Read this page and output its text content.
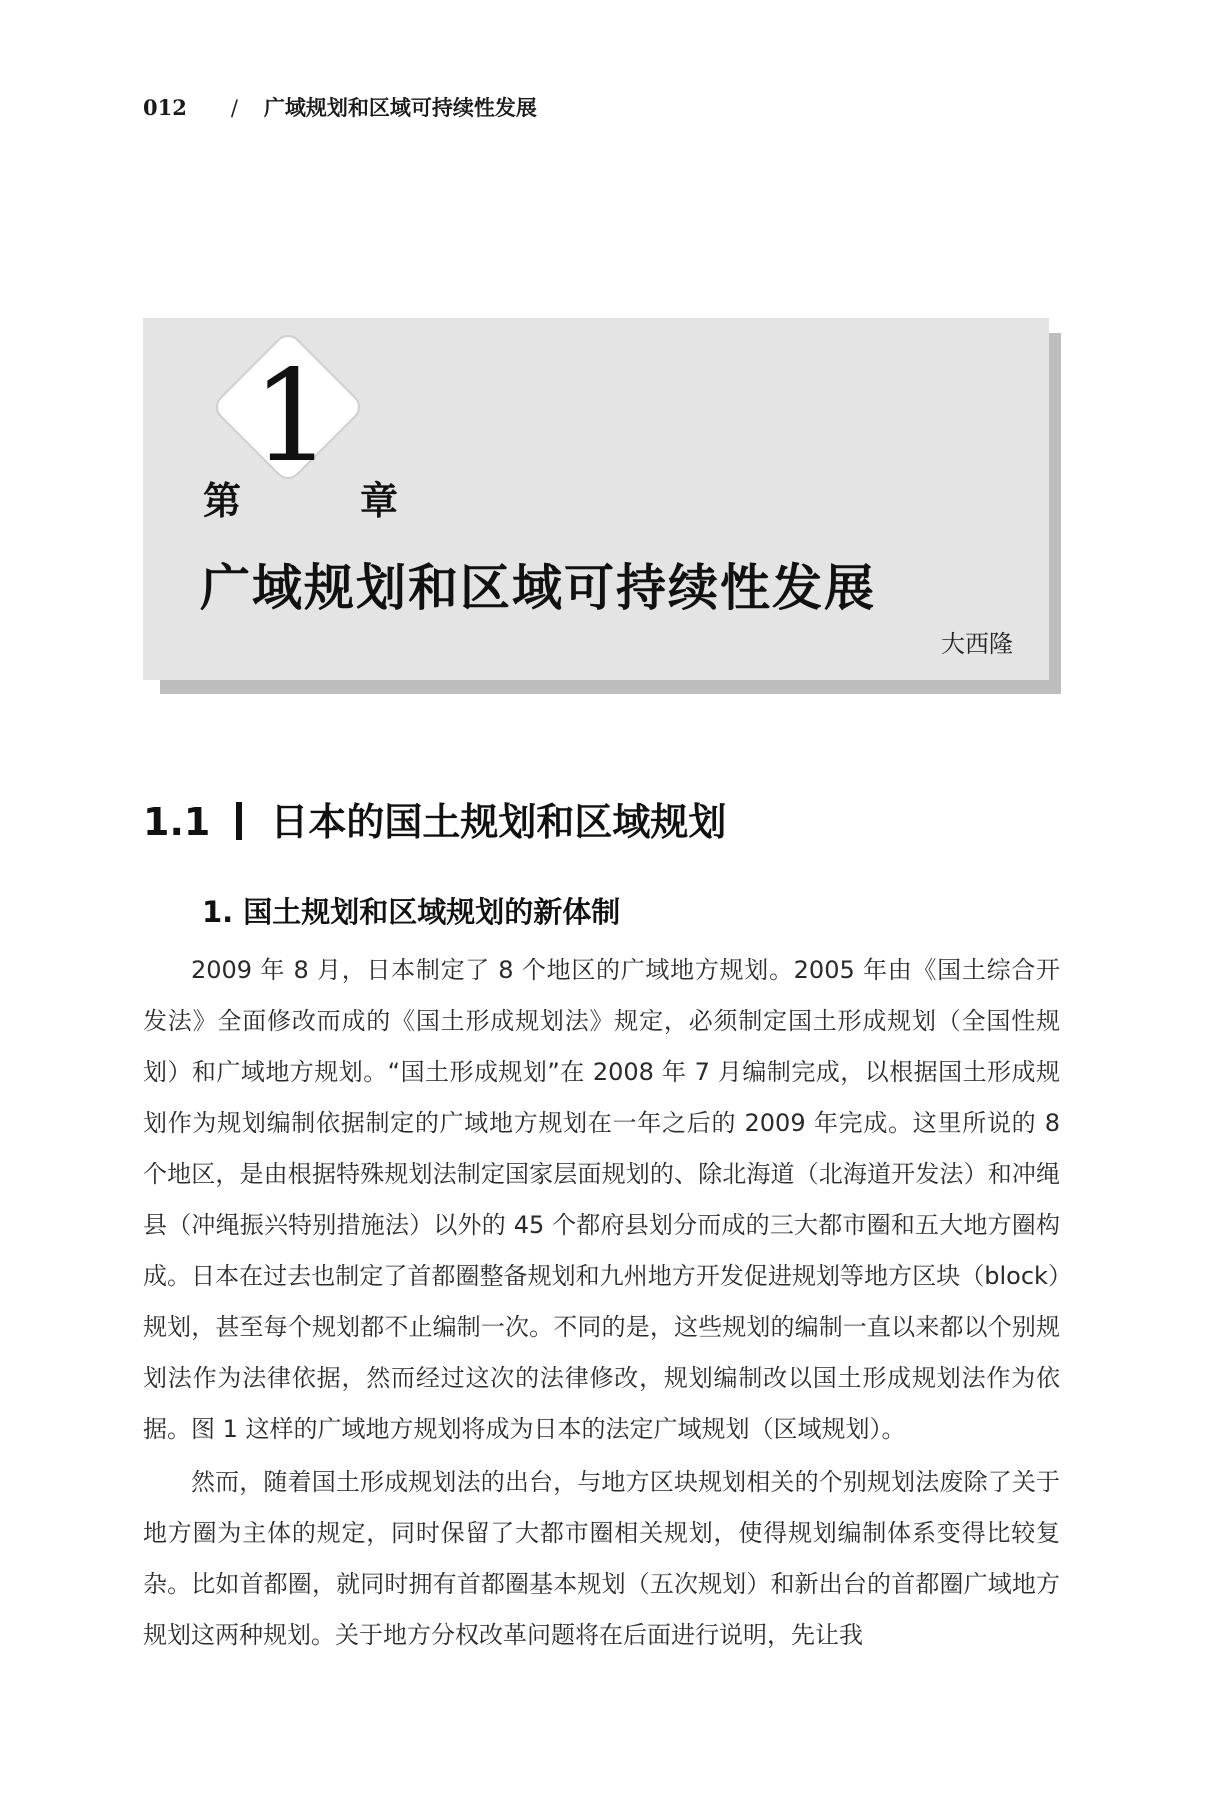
012 / 广域规划和区域可持续性发展
1
第	章
广域规划和区域可持续性发展
大西隆
1.1 日本的国土规划和区域规划
1. 国土规划和区域规划的新体制

2009 年 8 月，日本制定了 8 个地区的广域地方规划。2005 年由《国土综合开发法》全面修改而成的《国土形成规划法》规定，必须制定国土形成规划（全国性规划）和广域地方规划。“国土形成规划”在 2008 年 7 月编制完成，以根据国土形成规划作为规划编制依据制定的广域地方规划在一年之后的 2009 年完成。这里所说的 8 个地区，是由根据特殊规划法制定国家层面规划的、除北海道（北海道开发法）和冲绳县（冲绳振兴特别措施法）以外的 45 个都府县划分而成的三大都市圈和五大地方圈构成。日本在过去也制定了首都圈整备规划和九州地方开发促进规划等地方区块（block）规划，甚至每个规划都不止编制一次。不同的是，这些规划的编制一直以来都以个别规划法作为法律依据，然而经过这次的法律修改，规划编制改以国土形成规划法作为依据。图 1 这样的广域地方规划将成为日本的法定广域规划（区域规划）。

然而，随着国土形成规划法的出台，与地方区块规划相关的个别规划法废除了关于地方圈为主体的规定，同时保留了大都市圈相关规划，使得规划编制体系变得比较复杂。比如首都圈，就同时拥有首都圈基本规划（五次规划）和新出台的首都圈广域地方规划这两种规划。关于地方分权改革问题将在后面进行说明，先让我
